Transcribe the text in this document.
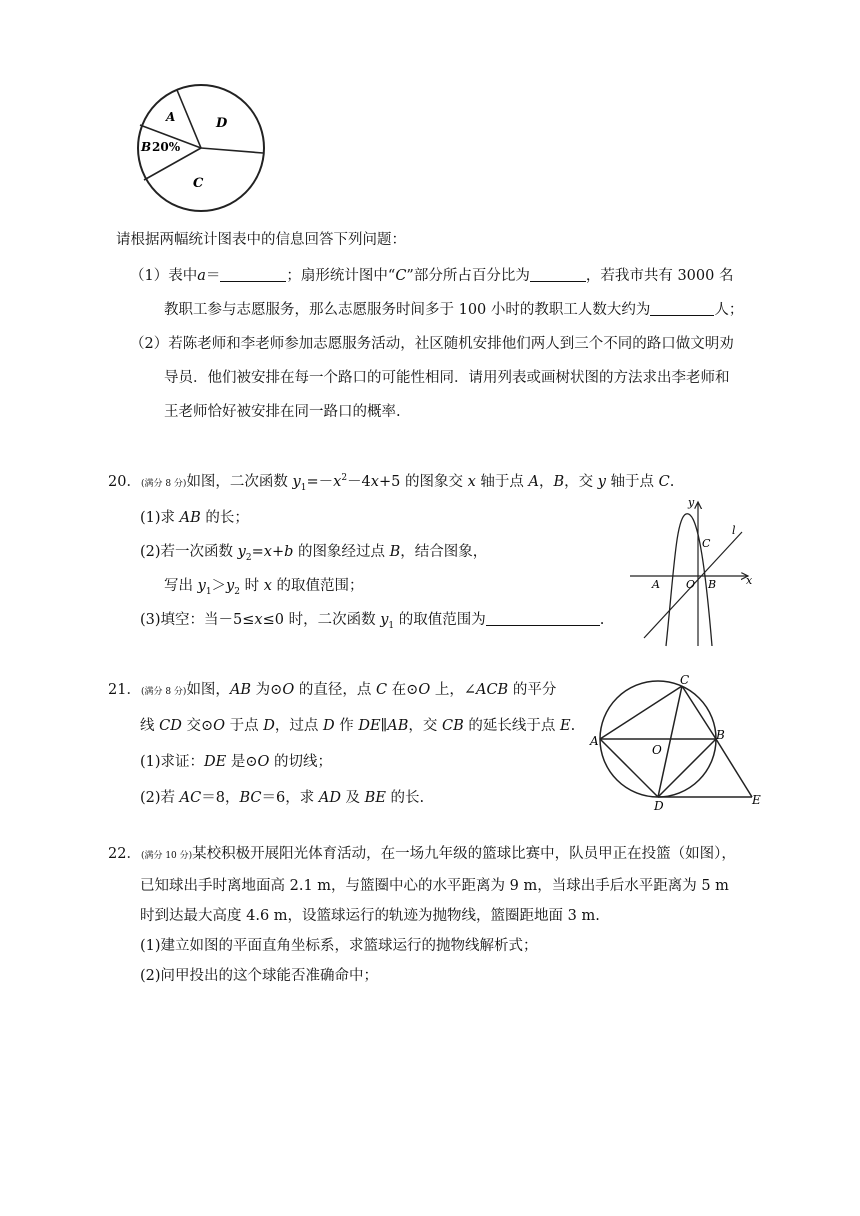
A
B 20%
C
D
请根据两幅统计图表中的信息回答下列问题：
（1）表中a＝	；扇形统计图中“C”部分所占百分比为	，若我市共有 3000 名
教职工参与志愿服务，那么志愿服务时间多于 100 小时的教职工人数大约为	人；
（2）若陈老师和李老师参加志愿服务活动，社区随机安排他们两人到三个不同的路口做文明劝
导员．他们被安排在每一个路口的可能性相同．请用列表或画树状图的方法求出李老师和
王老师恰好被安排在同一路口的概率.
20．(满分 8 分)如图，二次函数 $y_1=-x^2-4x+5$ 的图象交 x 轴于点 A，B，交 y 轴于点 C.
(1)求 AB 的长；
(2)若一次函数 $y_2=x+b$ 的图象经过点 B，结合图象，
写出 $y_1>y_2$ 时 x 的取值范围；
(3)填空：当－5≤x≤0 时，二次函数 $y_1$ 的取值范围为	.
y
x
l
A O B
C
21．(满分 8 分)如图，AB 为⊙O 的直径，点 C 在⊙O 上，∠ACB 的平分
线 CD 交⊙O 于点 D，过点 D 作 DE∥AB，交 CB 的延长线于点 E.
(1)求证：DE 是⊙O 的切线；
(2)若 AC＝8，BC＝6，求 AD 及 BE 的长.
A	B
C
D	E
O
22．(满分 10 分)某校积极开展阳光体育活动，在一场九年级的篮球比赛中，队员甲正在投篮（如图），
已知球出手时离地面高 2.1 m，与篮圈中心的水平距离为 9 m，当球出手后水平距离为 5 m
时到达最大高度 4.6 m，设篮球运行的轨迹为抛物线，篮圈距地面 3 m.
(1)建立如图的平面直角坐标系，求篮球运行的抛物线解析式；
(2)问甲投出的这个球能否准确命中；
